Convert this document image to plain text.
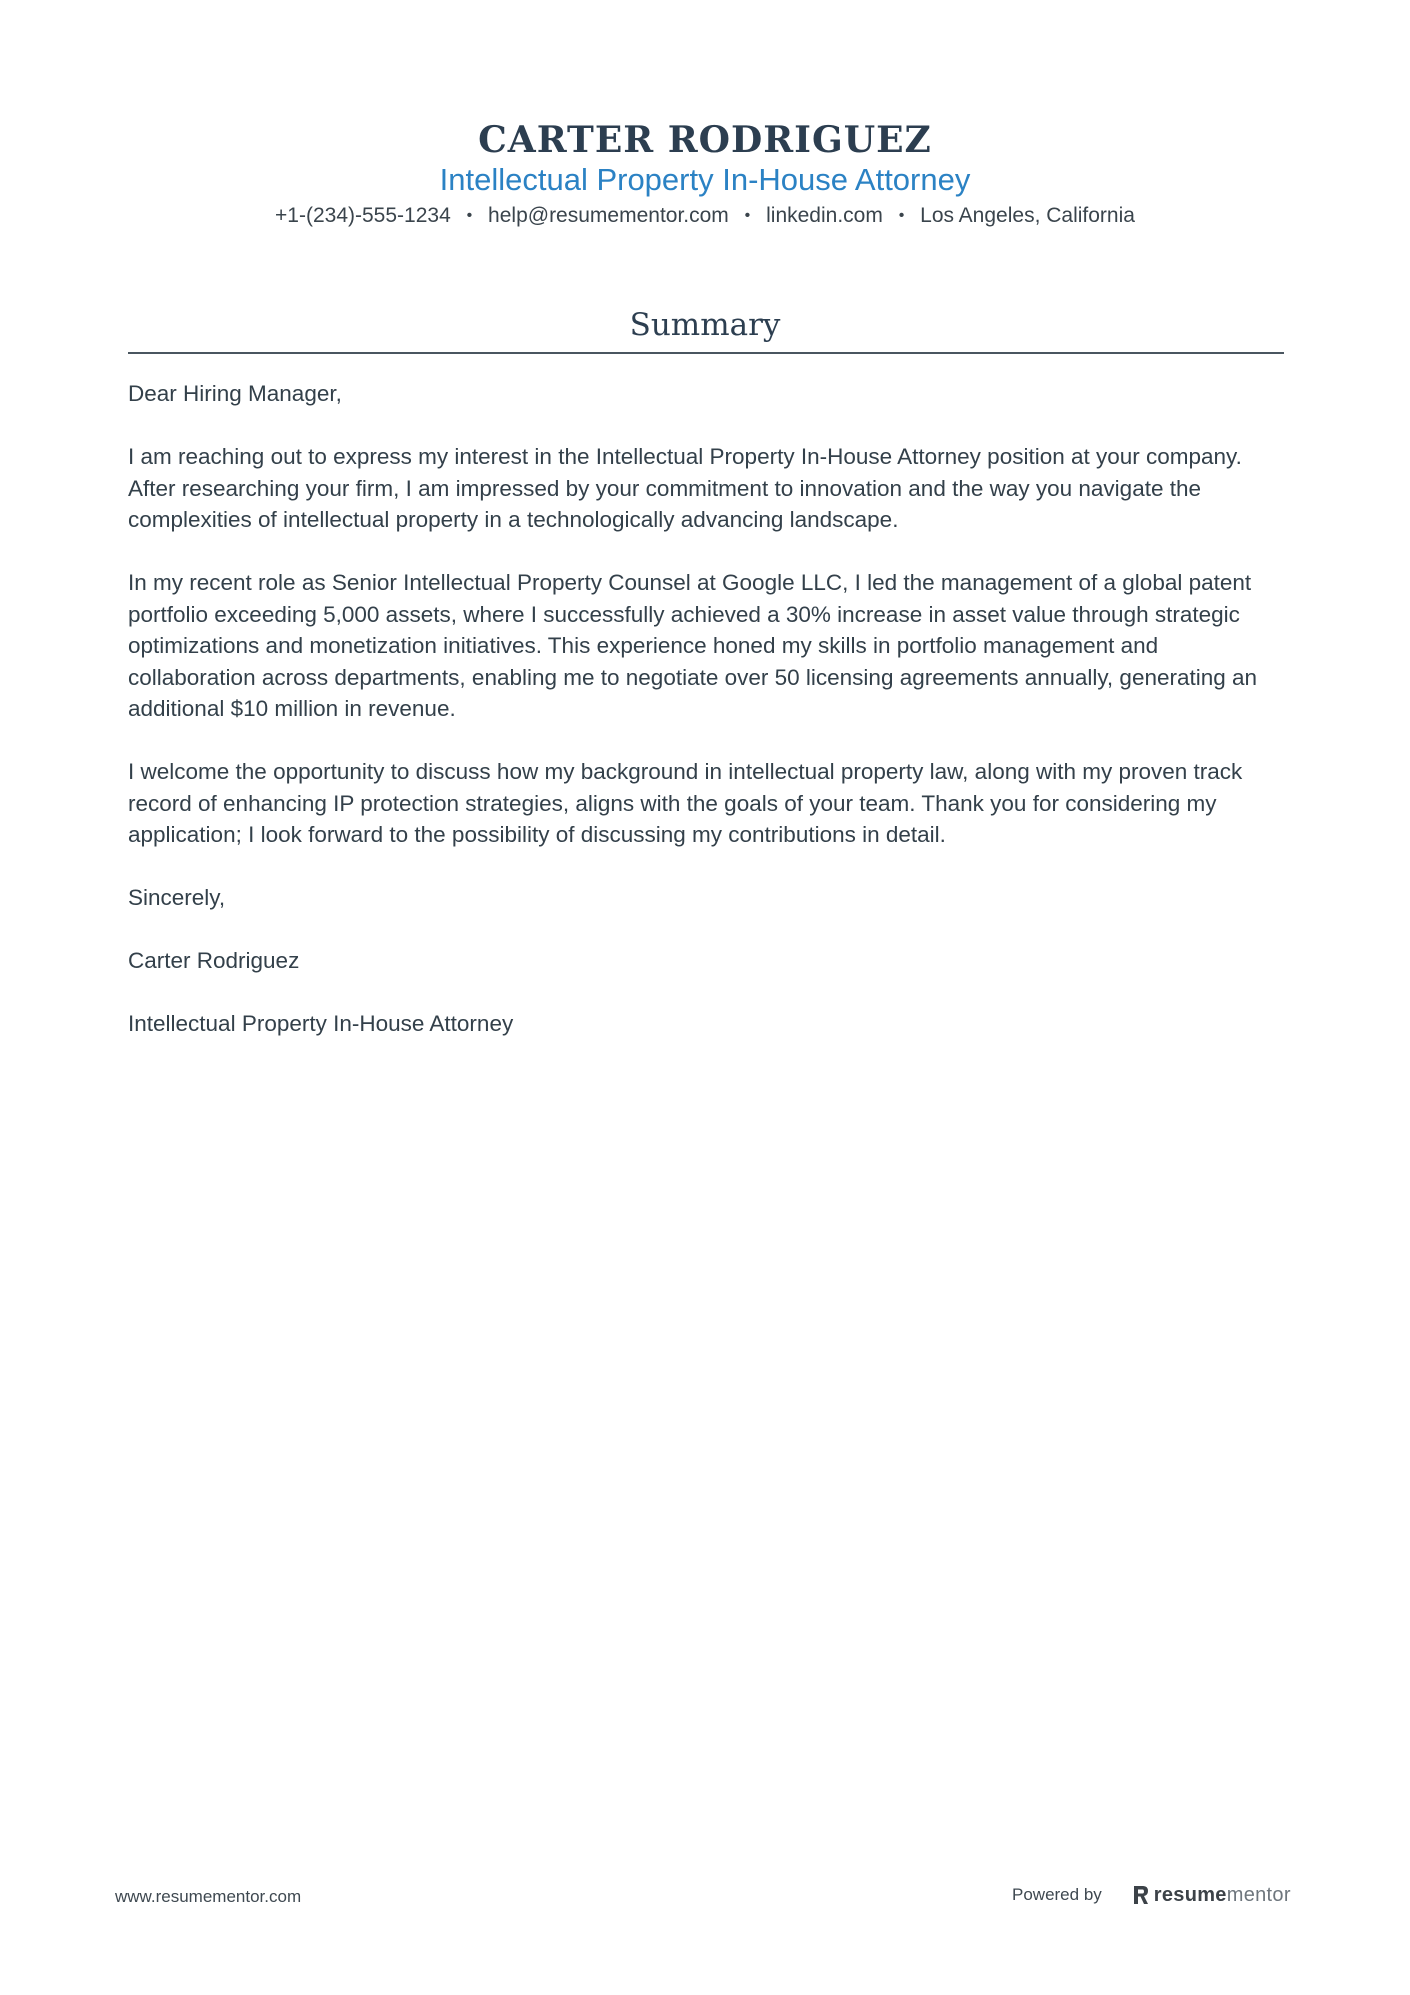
CARTER RODRIGUEZ
Intellectual Property In-House Attorney
+1-(234)-555-1234 • help@resumementor.com • linkedin.com • Los Angeles, California
Summary

Dear Hiring Manager,

I am reaching out to express my interest in the Intellectual Property In-House Attorney position at your company. After researching your firm, I am impressed by your commitment to innovation and the way you navigate the complexities of intellectual property in a technologically advancing landscape.

In my recent role as Senior Intellectual Property Counsel at Google LLC, I led the management of a global patent portfolio exceeding 5,000 assets, where I successfully achieved a 30% increase in asset value through strategic optimizations and monetization initiatives. This experience honed my skills in portfolio management and collaboration across departments, enabling me to negotiate over 50 licensing agreements annually, generating an additional $10 million in revenue.

I welcome the opportunity to discuss how my background in intellectual property law, along with my proven track record of enhancing IP protection strategies, aligns with the goals of your team. Thank you for considering my application; I look forward to the possibility of discussing my contributions in detail.

Sincerely,

Carter Rodriguez

Intellectual Property In-House Attorney

www.resumementor.com	Powered by	resumementor
